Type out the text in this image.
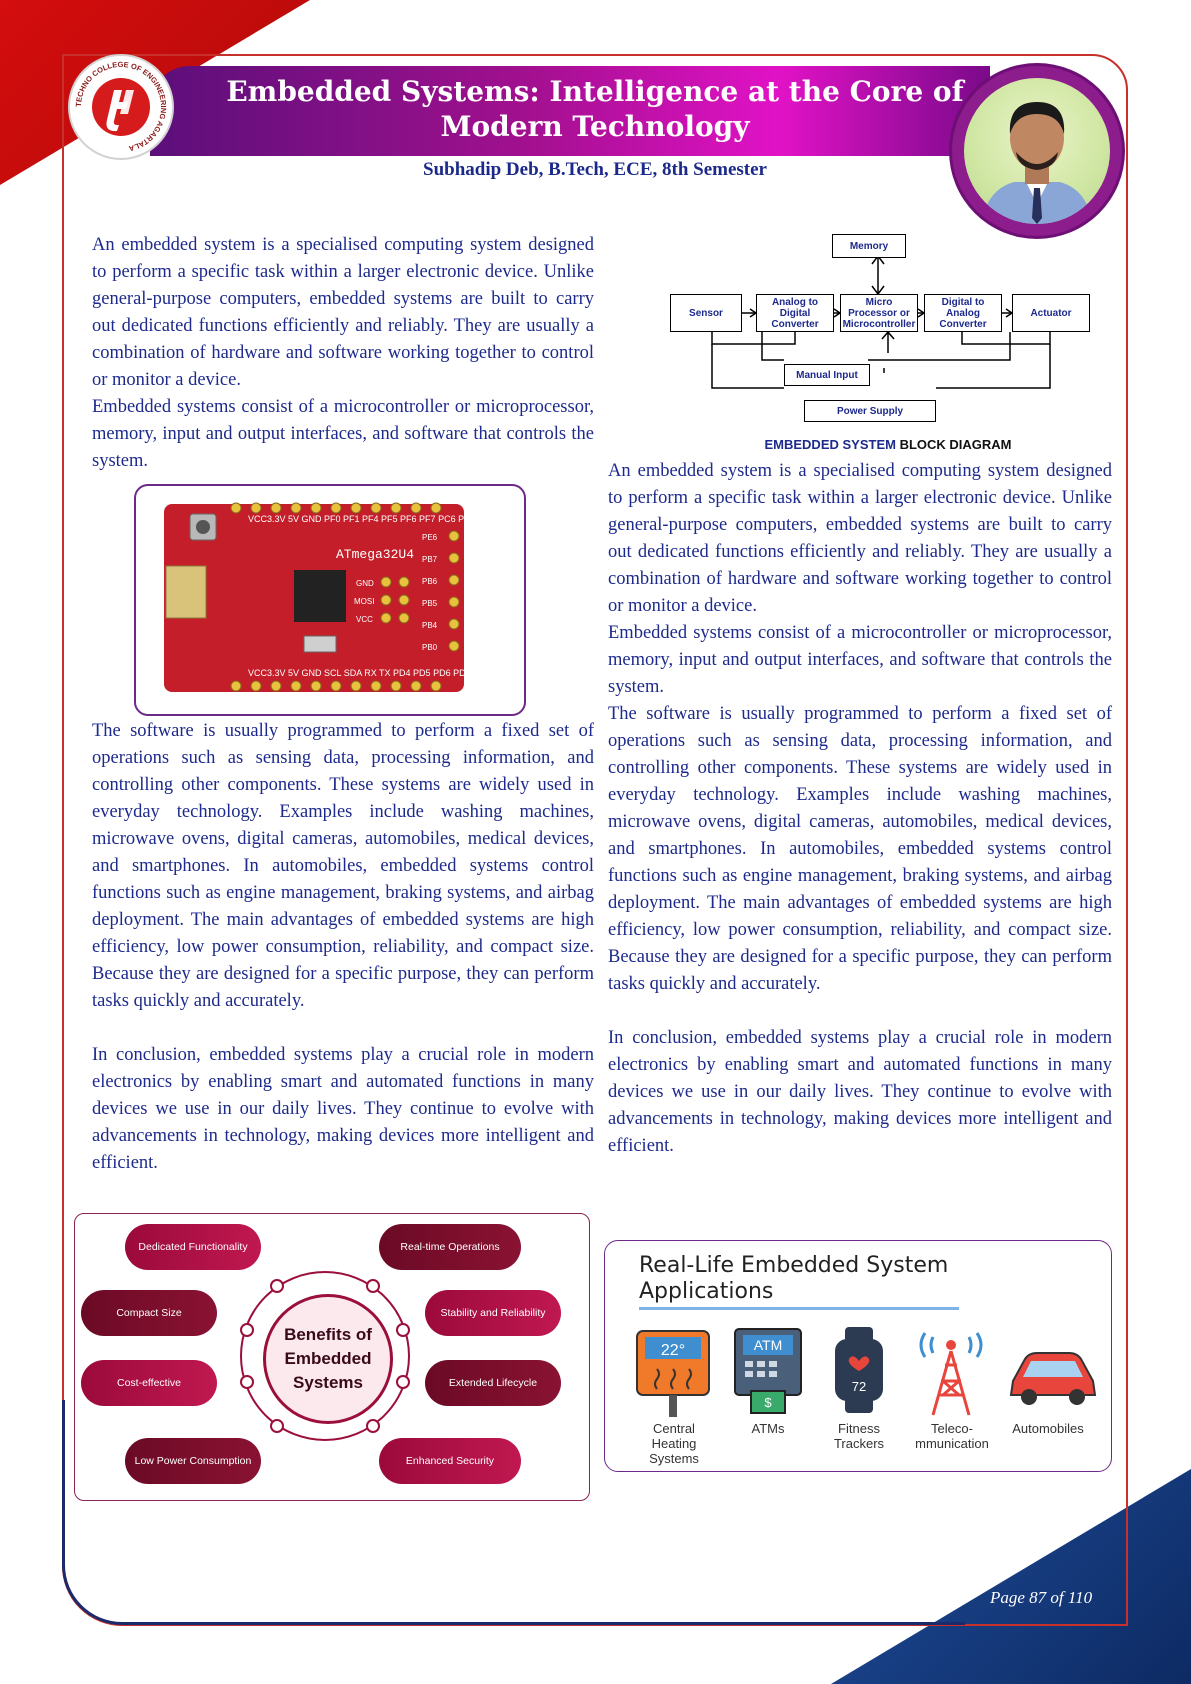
Embedded Systems: Intelligence at the Core of Modern Technology
Subhadip Deb, B.Tech, ECE, 8th Semester
TECHNO COLLEGE OF ENGINEERING AGARTALA

An embedded system is a specialised computing system designed to perform a specific task within a larger electronic device. Unlike general-purpose computers, embedded systems are built to carry out dedicated functions efficiently and reliably. They are usually a combination of hardware and software working together to control or monitor a device.

Embedded systems consist of a microcontroller or microprocessor, memory, input and output interfaces, and software that controls the system.

ATmega32U4
VCC3.3V 5V GND PF0 PF1 PF4 PF5 PF6 PF7 PC6 PC7
VCC3.3V 5V GND SCL SDA RX TX PD4 PD5 PD6 PD7
PE6
PB7
PB6
PB5
PB4
PB0
GND
MOSI
VCC

The software is usually programmed to perform a fixed set of operations such as sensing data, processing information, and controlling other components. These systems are widely used in everyday technology. Examples include washing machines, microwave ovens, digital cameras, automobiles, medical devices, and smartphones. In automobiles, embedded systems control functions such as engine management, braking systems, and airbag deployment. The main advantages of embedded systems are high efficiency, low power consumption, reliability, and compact size. Because they are designed for a specific purpose, they can perform tasks quickly and accurately.

In conclusion, embedded systems play a crucial role in modern electronics by enabling smart and automated functions in many devices we use in our daily lives. They continue to evolve with advancements in technology, making devices more intelligent and efficient.

Memory
Sensor
Analog to Digital Converter
Micro Processor or Microcontroller
Digital to Analog Converter
Actuator
Manual Input
Power Supply
EMBEDDED SYSTEM BLOCK DIAGRAM

An embedded system is a specialised computing system designed to perform a specific task within a larger electronic device. Unlike general-purpose computers, embedded systems are built to carry out dedicated functions efficiently and reliably. They are usually a combination of hardware and software working together to control or monitor a device.

Embedded systems consist of a microcontroller or microprocessor, memory, input and output interfaces, and software that controls the system.

The software is usually programmed to perform a fixed set of operations such as sensing data, processing information, and controlling other components. These systems are widely used in everyday technology. Examples include washing machines, microwave ovens, digital cameras, automobiles, medical devices, and smartphones. In automobiles, embedded systems control functions such as engine management, braking systems, and airbag deployment. The main advantages of embedded systems are high efficiency, low power consumption, reliability, and compact size. Because they are designed for a specific purpose, they can perform tasks quickly and accurately.

In conclusion, embedded systems play a crucial role in modern electronics by enabling smart and automated functions in many devices we use in our daily lives. They continue to evolve with advancements in technology, making devices more intelligent and efficient.

Benefits of Embedded Systems
Dedicated Functionality	Real-time Operations
Compact Size	Stability and Reliability
Cost-effective	Extended Lifecycle
Low Power Consumption	Enhanced Security
Real-Life Embedded System Applications
22°	ATM
$
72
Central Heating Systems
ATMs	Fitness Trackers
Teleco-mmunication
Automobiles
Page 87 of 110
